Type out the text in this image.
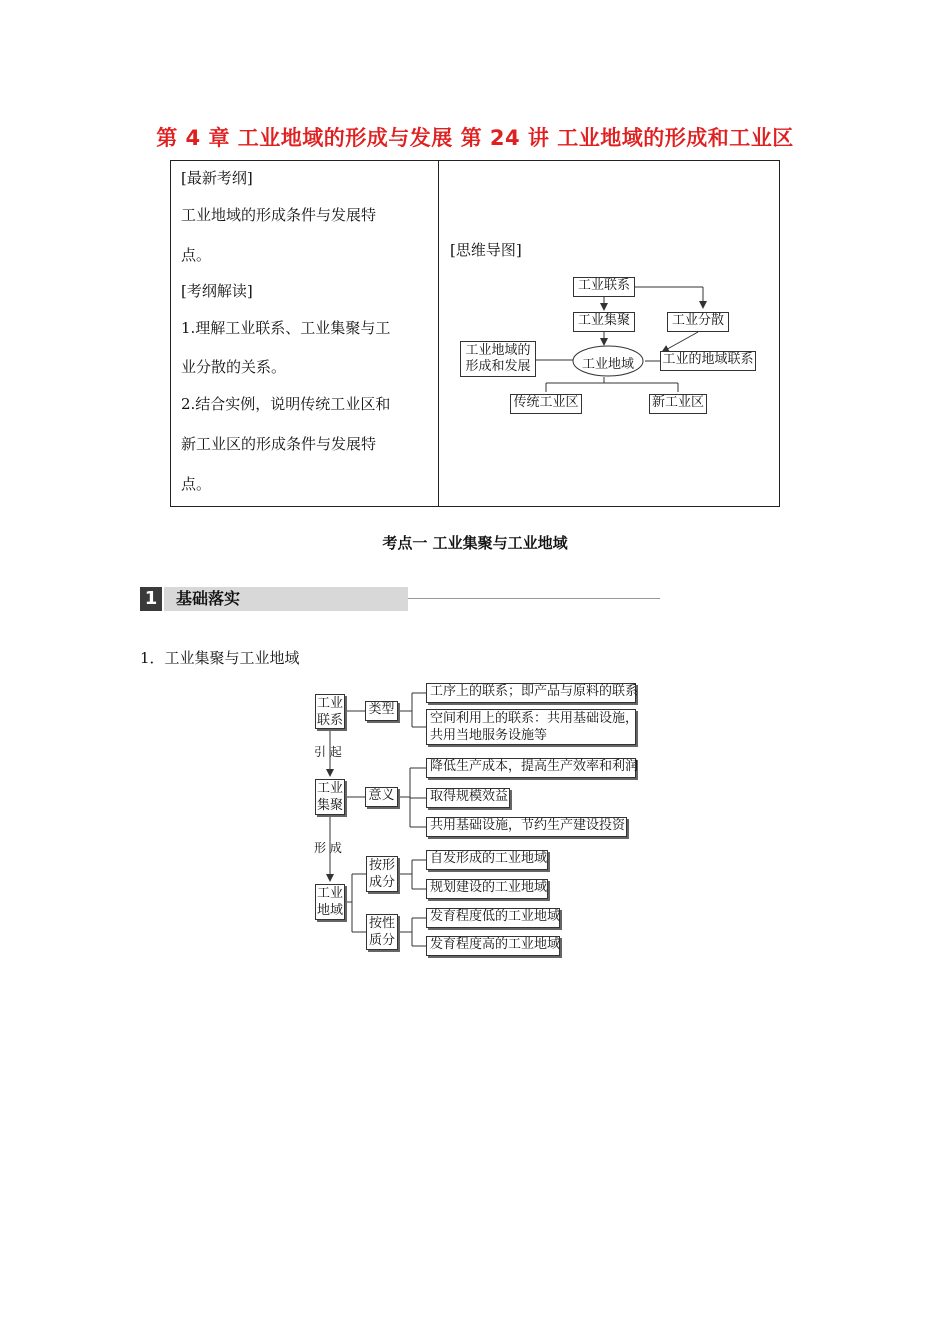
第 4 章 工业地域的形成与发展 第 24 讲 工业地域的形成和工业区
[最新考纲]
工业地域的形成条件与发展特
点。
[考纲解读]
1.理解工业联系、工业集聚与工
业分散的关系。
2.结合实例，说明传统工业区和
新工业区的形成条件与发展特
点。
[思维导图]
工业联系
工业集聚	工业分散
工业地域的
形成和发展	工业地域	工业的地域联系
传统工业区	新工业区
考点一 工业集聚与工业地域
1	基础落实
1．工业集聚与工业地域
工业
联系
类型
工序上的联系；即产品与原料的联系
空间利用上的联系：共用基础设施，
共用当地服务设施等
引 起
工业
集聚
意义
降低生产成本，提高生产效率和利润
取得规模效益
共用基础设施，节约生产建设投资
形 成
工业
地域
按形
成分
自发形成的工业地域
规划建设的工业地域
按性
质分
发育程度低的工业地域
发育程度高的工业地域
